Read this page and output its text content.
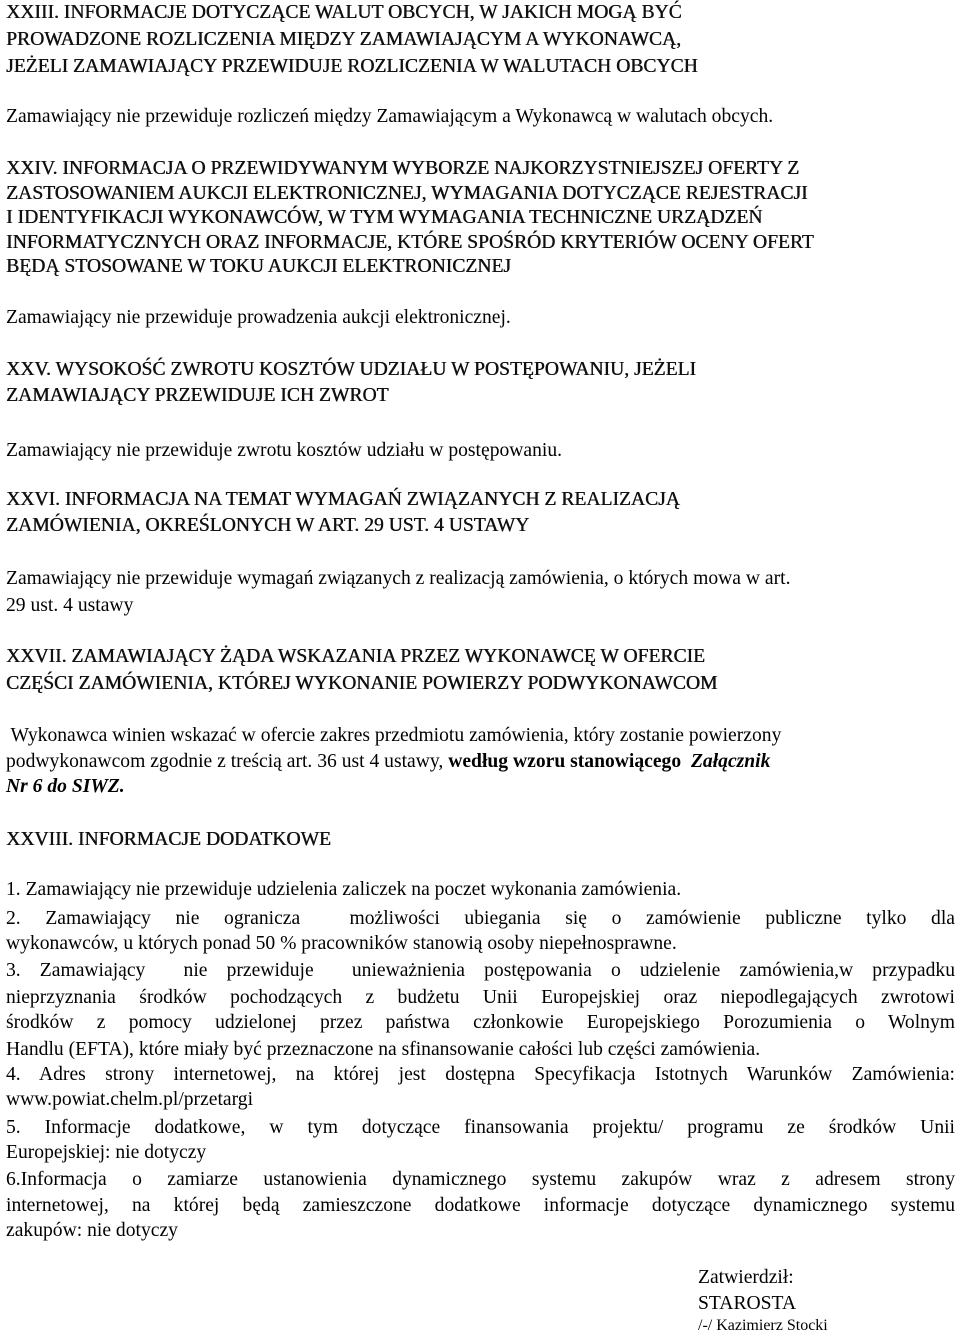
XXIII. INFORMACJE DOTYCZĄCE WALUT OBCYCH, W JAKICH MOGĄ BYĆ
PROWADZONE ROZLICZENIA MIĘDZY ZAMAWIAJĄCYM A WYKONAWCĄ,
JEŻELI ZAMAWIAJĄCY PRZEWIDUJE ROZLICZENIA W WALUTACH OBCYCH

Zamawiający nie przewiduje rozliczeń między Zamawiającym a Wykonawcą w walutach obcych.

XXIV. INFORMACJA O PRZEWIDYWANYM WYBORZE NAJKORZYSTNIEJSZEJ OFERTY Z
ZASTOSOWANIEM AUKCJI ELEKTRONICZNEJ, WYMAGANIA DOTYCZĄCE REJESTRACJI
I IDENTYFIKACJI WYKONAWCÓW, W TYM WYMAGANIA TECHNICZNE URZĄDZEŃ
INFORMATYCZNYCH ORAZ INFORMACJE, KTÓRE SPOŚRÓD KRYTERIÓW OCENY OFERT
BĘDĄ STOSOWANE W TOKU AUKCJI ELEKTRONICZNEJ

Zamawiający nie przewiduje prowadzenia aukcji elektronicznej.

XXV. WYSOKOŚĆ ZWROTU KOSZTÓW UDZIAŁU W POSTĘPOWANIU, JEŻELI
ZAMAWIAJĄCY PRZEWIDUJE ICH ZWROT

Zamawiający nie przewiduje zwrotu kosztów udziału w postępowaniu.

XXVI. INFORMACJA NA TEMAT WYMAGAŃ ZWIĄZANYCH Z REALIZACJĄ
ZAMÓWIENIA, OKREŚLONYCH W ART. 29 UST. 4 USTAWY

Zamawiający nie przewiduje wymagań związanych z realizacją zamówienia, o których mowa w art.

29 ust. 4 ustawy

XXVII. ZAMAWIAJĄCY ŻĄDA WSKAZANIA PRZEZ WYKONAWCĘ W OFERCIE
CZĘŚCI ZAMÓWIENIA, KTÓREJ WYKONANIE POWIERZY PODWYKONAWCOM

Wykonawca winien wskazać w ofercie zakres przedmiotu zamówienia, który zostanie powierzony

podwykonawcom zgodnie z treścią art. 36 ust 4 ustawy, według wzoru stanowiącego Załącznik

Nr 6 do SIWZ.

XXVIII. INFORMACJE DODATKOWE

1. Zamawiający nie przewiduje udzielenia zaliczek na poczet wykonania zamówienia.

2. Zamawiający nie ogranicza  możliwości ubiegania się o zamówienie publiczne tylko dla

wykonawców, u których ponad 50 % pracowników stanowią osoby niepełnosprawne.

3. Zamawiający  nie przewiduje  unieważnienia postępowania o udzielenie zamówienia,w przypadku

nieprzyznania środków pochodzących z budżetu Unii Europejskiej oraz niepodlegających zwrotowi

środków z pomocy udzielonej przez państwa członkowie Europejskiego Porozumienia o Wolnym

Handlu (EFTA), które miały być przeznaczone na sfinansowanie całości lub części zamówienia.

4. Adres strony internetowej, na której jest dostępna Specyfikacja Istotnych Warunków Zamówienia:

www.powiat.chelm.pl/przetargi

5. Informacje dodatkowe, w tym dotyczące finansowania projektu/ programu ze środków Unii

Europejskiej: nie dotyczy

6.Informacja o zamiarze ustanowienia dynamicznego systemu zakupów wraz z adresem strony

internetowej, na której będą zamieszczone dodatkowe informacje dotyczące dynamicznego systemu

zakupów: nie dotyczy

Zatwierdził:

STAROSTA

/-/ Kazimierz Stocki
